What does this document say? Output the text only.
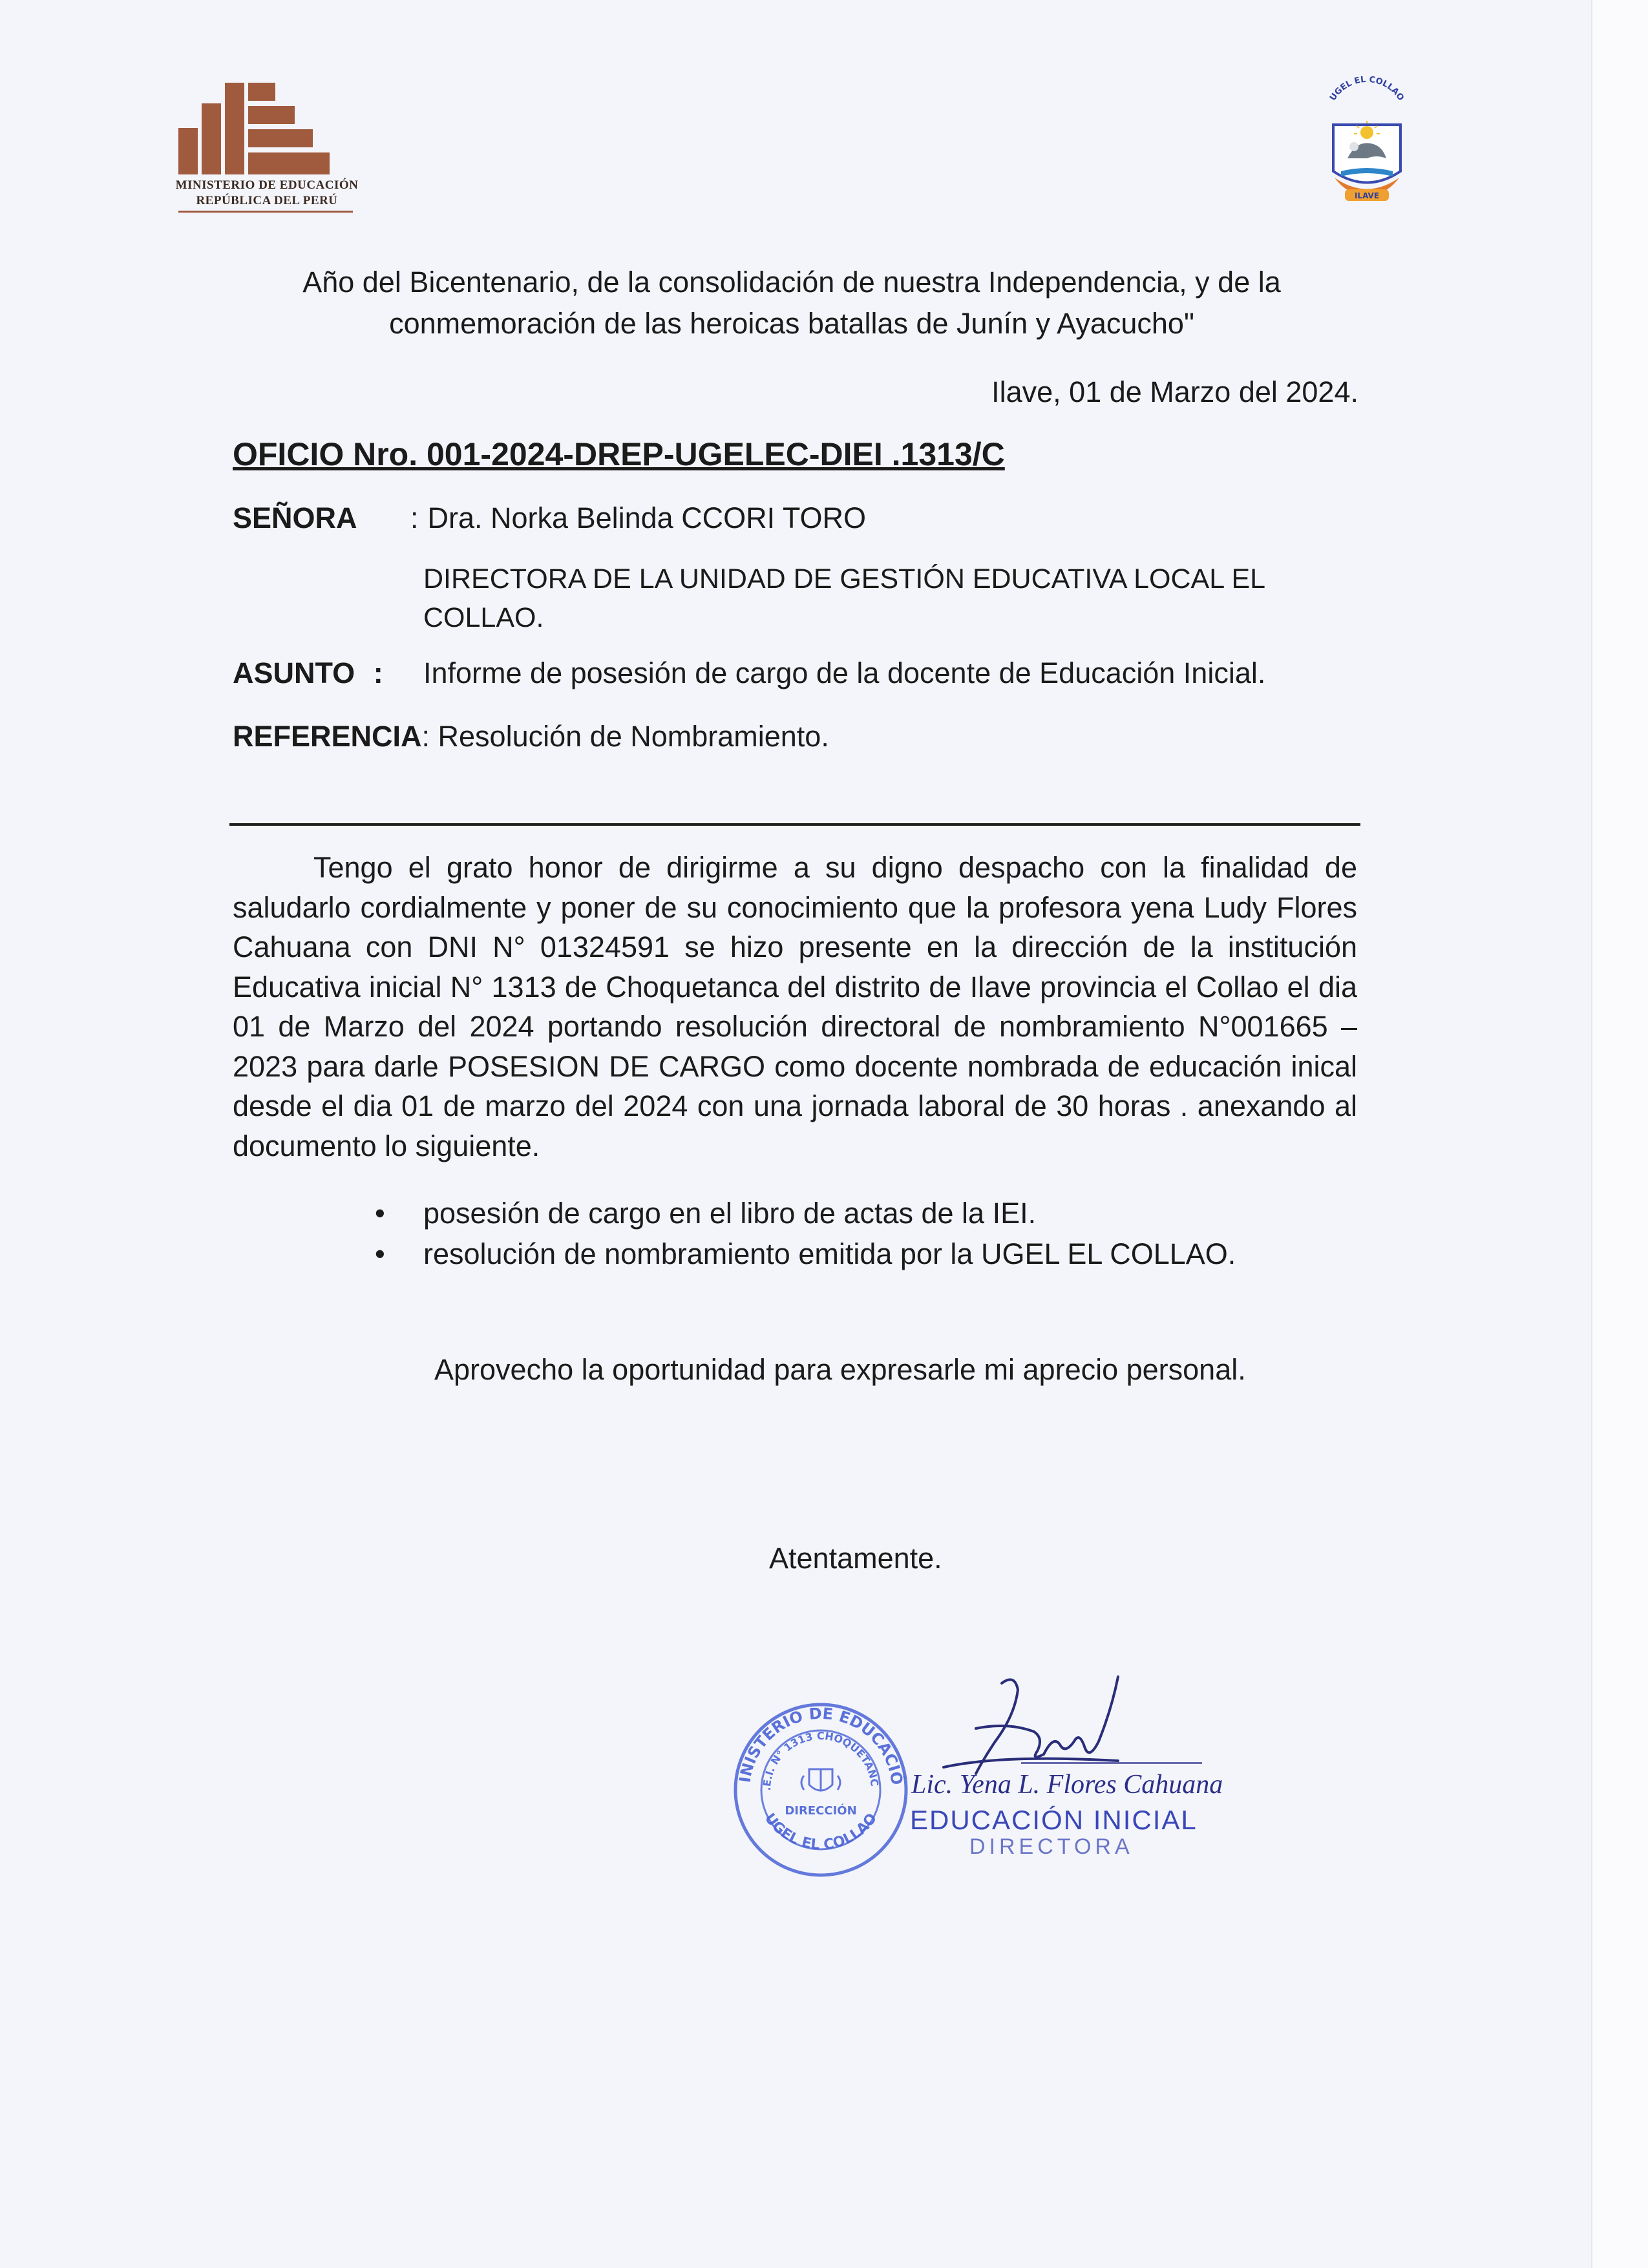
MINISTERIO DE EDUCACIÓN
REPÚBLICA DEL PERÚ
UGEL EL COLLAO
ILAVE
Año del Bicentenario, de la consolidación de nuestra Independencia, y de la conmemoración de las heroicas batallas de Junín y Ayacucho"
Ilave, 01 de Marzo del 2024.
OFICIO Nro. 001-2024-DREP-UGELEC-DIEI .1313/C
SEÑORA : Dra. Norka Belinda CCORI TORO
DIRECTORA DE LA UNIDAD DE GESTIÓN EDUCATIVA LOCAL EL COLLAO.
ASUNTO : Informe de posesión de cargo de la docente de Educación Inicial.
REFERENCIA: Resolución de Nombramiento.
Tengo el grato honor de dirigirme a su digno despacho con la finalidad de saludarlo cordialmente y poner de su conocimiento que la profesora yena Ludy Flores Cahuana con DNI N° 01324591 se hizo presente en la dirección de la institución Educativa inicial N° 1313 de Choquetanca del distrito de Ilave provincia el Collao el dia 01 de Marzo del 2024 portando resolución directoral de nombramiento N°001665 – 2023 para darle POSESION DE CARGO como docente nombrada de educación inical desde el dia 01 de marzo del 2024 con una jornada laboral de 30 horas . anexando al documento lo siguiente.
• posesión de cargo en el libro de actas de la IEI.
• resolución de nombramiento emitida por la UGEL EL COLLAO.
Aprovecho la oportunidad para expresarle mi aprecio personal.
Atentamente.
INISTERIO DE EDUCACIÓ
.E.I. N° 1313 CHOQUETANC
UGEL EL COLLAO
DIRECCIÓN
Lic. Yena L. Flores Cahuana
EDUCACIÓN INICIAL
DIRECTORA
